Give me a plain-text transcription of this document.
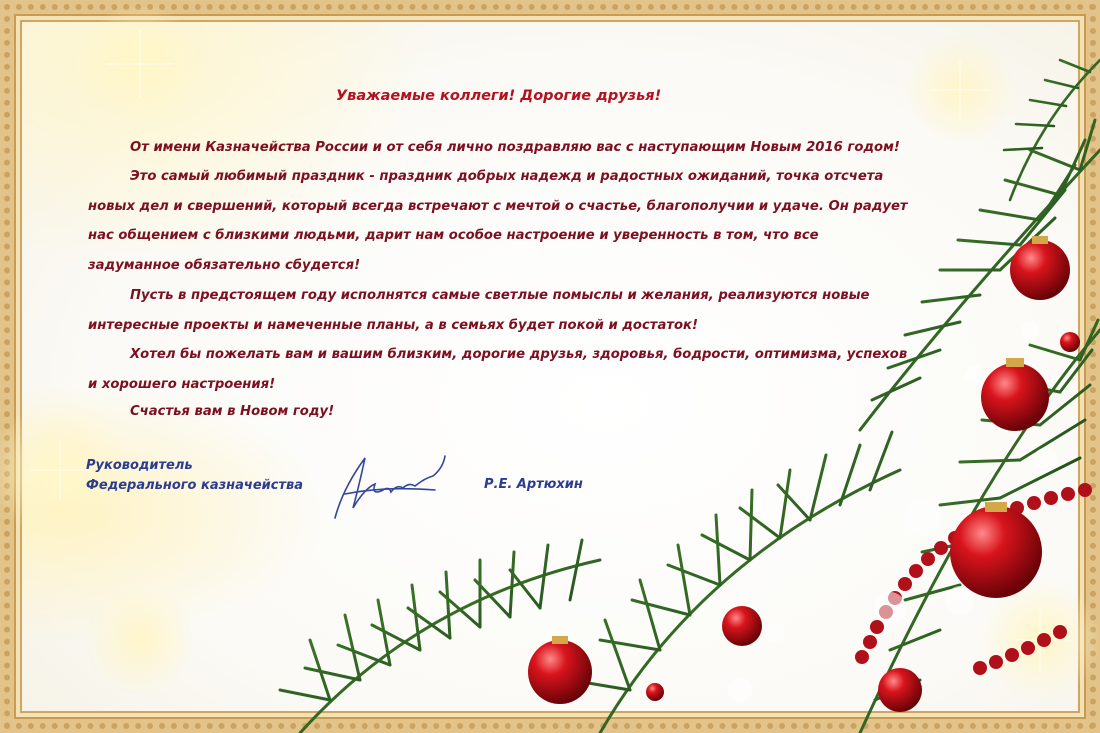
Уважаемые коллеги! Дорогие друзья!
От имени Казначейства России и от себя лично поздравляю вас с наступающим Новым 2016 годом!
Это самый любимый праздник - праздник добрых надежд и радостных ожиданий, точка отсчета новых дел и свершений, который всегда встречают с мечтой о счастье, благополучии и удаче. Он радует нас общением с близкими людьми, дарит нам особое настроение и уверенность в том, что все задуманное обязательно сбудется!
Пусть в предстоящем году исполнятся самые светлые помыслы и желания, реализуются новые интересные проекты и намеченные планы, а в семьях будет покой и достаток!
Хотел бы пожелать вам и вашим близким, дорогие друзья, здоровья, бодрости, оптимизма, успехов и хорошего настроения!
Счастья вам в Новом году!
Руководитель
Федерального казначейства	Р.Е. Артюхин
